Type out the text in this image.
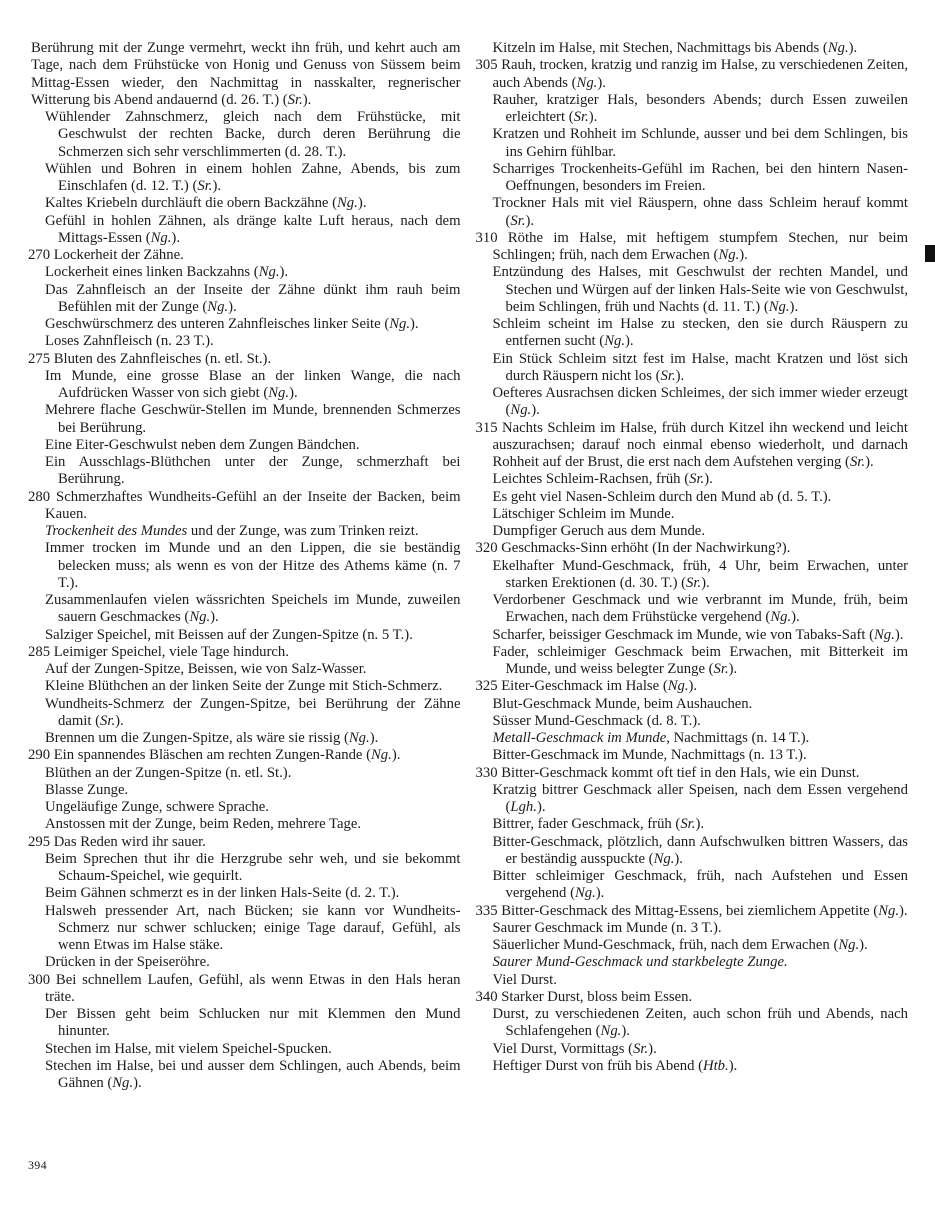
Berührung mit der Zunge vermehrt, weckt ihn früh, und kehrt auch am Tage, nach dem Frühstücke von Honig und Genuss von Süssem beim Mittag-Essen wieder, den Nachmittag in nasskalter, regnerischer Witterung bis Abend andauernd (d. 26. T.) (Sr.).

Wühlender Zahnschmerz, gleich nach dem Frühstücke, mit Geschwulst der rechten Backe, durch deren Berührung die Schmerzen sich sehr verschlimmerten (d. 28. T.).

Wühlen und Bohren in einem hohlen Zahne, Abends, bis zum Einschlafen (d. 12. T.) (Sr.).

Kaltes Kriebeln durchläuft die obern Backzähne (Ng.).

Gefühl in hohlen Zähnen, als dränge kalte Luft heraus, nach dem Mittags-Essen (Ng.).

270 Lockerheit der Zähne.

Lockerheit eines linken Backzahns (Ng.).

Das Zahnfleisch an der Inseite der Zähne dünkt ihm rauh beim Befühlen mit der Zunge (Ng.).

Geschwürschmerz des unteren Zahnfleisches linker Seite (Ng.).

Loses Zahnfleisch (n. 23 T.).

275 Bluten des Zahnfleisches (n. etl. St.).

Im Munde, eine grosse Blase an der linken Wange, die nach Aufdrücken Wasser von sich giebt (Ng.).

Mehrere flache Geschwür-Stellen im Munde, brennenden Schmerzes bei Berührung.

Eine Eiter-Geschwulst neben dem Zungen Bändchen.

Ein Ausschlags-Blüthchen unter der Zunge, schmerzhaft bei Berührung.

280 Schmerzhaftes Wundheits-Gefühl an der Inseite der Backen, beim Kauen.

Trockenheit des Mundes und der Zunge, was zum Trinken reizt.

Immer trocken im Munde und an den Lippen, die sie beständig belecken muss; als wenn es von der Hitze des Athems käme (n. 7 T.).

Zusammenlaufen vielen wässrichten Speichels im Munde, zuweilen sauern Geschmackes (Ng.).

Salziger Speichel, mit Beissen auf der Zungen-Spitze (n. 5 T.).

285 Leimiger Speichel, viele Tage hindurch.

Auf der Zungen-Spitze, Beissen, wie von Salz-Wasser.

Kleine Blüthchen an der linken Seite der Zunge mit Stich-Schmerz.

Wundheits-Schmerz der Zungen-Spitze, bei Berührung der Zähne damit (Sr.).

Brennen um die Zungen-Spitze, als wäre sie rissig (Ng.).

290 Ein spannendes Bläschen am rechten Zungen-Rande (Ng.).

Blüthen an der Zungen-Spitze (n. etl. St.).

Blasse Zunge.

Ungeläufige Zunge, schwere Sprache.

Anstossen mit der Zunge, beim Reden, mehrere Tage.

295 Das Reden wird ihr sauer.

Beim Sprechen thut ihr die Herzgrube sehr weh, und sie bekommt Schaum-Speichel, wie gequirlt.

Beim Gähnen schmerzt es in der linken Hals-Seite (d. 2. T.).

Halsweh pressender Art, nach Bücken; sie kann vor Wundheits-Schmerz nur schwer schlucken; einige Tage darauf, Gefühl, als wenn Etwas im Halse stäke.

Drücken in der Speiseröhre.

300 Bei schnellem Laufen, Gefühl, als wenn Etwas in den Hals heran träte.

Der Bissen geht beim Schlucken nur mit Klemmen den Mund hinunter.

Stechen im Halse, mit vielem Speichel-Spucken.

Stechen im Halse, bei und ausser dem Schlingen, auch Abends, beim Gähnen (Ng.).

Kitzeln im Halse, mit Stechen, Nachmittags bis Abends (Ng.).

305 Rauh, trocken, kratzig und ranzig im Halse, zu verschiedenen Zeiten, auch Abends (Ng.).

Rauher, kratziger Hals, besonders Abends; durch Essen zuweilen erleichtert (Sr.).

Kratzen und Rohheit im Schlunde, ausser und bei dem Schlingen, bis ins Gehirn fühlbar.

Scharriges Trockenheits-Gefühl im Rachen, bei den hintern Nasen-Oeffnungen, besonders im Freien.

Trockner Hals mit viel Räuspern, ohne dass Schleim herauf kommt (Sr.).

310 Röthe im Halse, mit heftigem stumpfem Stechen, nur beim Schlingen; früh, nach dem Erwachen (Ng.).

Entzündung des Halses, mit Geschwulst der rechten Mandel, und Stechen und Würgen auf der linken Hals-Seite wie von Geschwulst, beim Schlingen, früh und Nachts (d. 11. T.) (Ng.).

Schleim scheint im Halse zu stecken, den sie durch Räuspern zu entfernen sucht (Ng.).

Ein Stück Schleim sitzt fest im Halse, macht Kratzen und löst sich durch Räuspern nicht los (Sr.).

Oefteres Ausrachsen dicken Schleimes, der sich immer wieder erzeugt (Ng.).

315 Nachts Schleim im Halse, früh durch Kitzel ihn weckend und leicht auszurachsen; darauf noch einmal ebenso wiederholt, und darnach Rohheit auf der Brust, die erst nach dem Aufstehen verging (Sr.).

Leichtes Schleim-Rachsen, früh (Sr.).

Es geht viel Nasen-Schleim durch den Mund ab (d. 5. T.).

Lätschiger Schleim im Munde.

Dumpfiger Geruch aus dem Munde.

320 Geschmacks-Sinn erhöht (In der Nachwirkung?).

Ekelhafter Mund-Geschmack, früh, 4 Uhr, beim Erwachen, unter starken Erektionen (d. 30. T.) (Sr.).

Verdorbener Geschmack und wie verbrannt im Munde, früh, beim Erwachen, nach dem Frühstücke vergehend (Ng.).

Scharfer, beissiger Geschmack im Munde, wie von Tabaks-Saft (Ng.).

Fader, schleimiger Geschmack beim Erwachen, mit Bitterkeit im Munde, und weiss belegter Zunge (Sr.).

325 Eiter-Geschmack im Halse (Ng.).

Blut-Geschmack Munde, beim Aushauchen.

Süsser Mund-Geschmack (d. 8. T.).

Metall-Geschmack im Munde, Nachmittags (n. 14 T.).

Bitter-Geschmack im Munde, Nachmittags (n. 13 T.).

330 Bitter-Geschmack kommt oft tief in den Hals, wie ein Dunst.

Kratzig bittrer Geschmack aller Speisen, nach dem Essen vergehend (Lgh.).

Bittrer, fader Geschmack, früh (Sr.).

Bitter-Geschmack, plötzlich, dann Aufschwulken bittren Wassers, das er beständig ausspuckte (Ng.).

Bitter schleimiger Geschmack, früh, nach Aufstehen und Essen vergehend (Ng.).

335 Bitter-Geschmack des Mittag-Essens, bei ziemlichem Appetite (Ng.).

Saurer Geschmack im Munde (n. 3 T.).

Säuerlicher Mund-Geschmack, früh, nach dem Erwachen (Ng.).

Saurer Mund-Geschmack und starkbelegte Zunge.

Viel Durst.

340 Starker Durst, bloss beim Essen.

Durst, zu verschiedenen Zeiten, auch schon früh und Abends, nach Schlafengehen (Ng.).

Viel Durst, Vormittags (Sr.).

Heftiger Durst von früh bis Abend (Htb.).

394
